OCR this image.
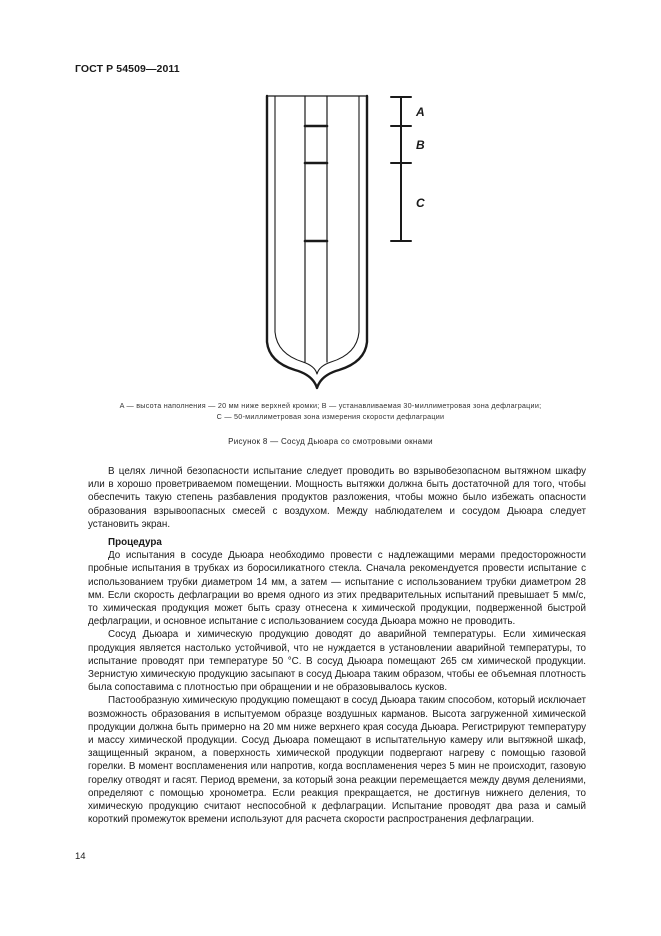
ГОСТ Р 54509—2011
A
B
C
A — высота наполнения — 20 мм ниже верхней кромки; B — устанавливаемая 30-миллиметровая зона дефлаграции;
C — 50-миллиметровая зона измерения скорости дефлаграции
Рисунок 8 — Сосуд Дьюара со смотровыми окнами

В целях личной безопасности испытание следует проводить во взрывобезопасном вытяжном шкафу или в хорошо проветриваемом помещении. Мощность вытяжки должна быть достаточной для того, чтобы обеспечить такую степень разбавления продуктов разложения, чтобы можно было избежать опасности образования взрывоопасных смесей с воздухом. Между наблюдателем и сосудом Дьюара следует установить экран.

Процедура

До испытания в сосуде Дьюара необходимо провести с надлежащими мерами предосторожности пробные испытания в трубках из боросиликатного стекла. Сначала рекомендуется провести испытание с использованием трубки диаметром 14 мм, а затем — испытание с использованием трубки диаметром 28 мм. Если скорость дефлаграции во время одного из этих предварительных испытаний превышает 5 мм/с, то химическая продукция может быть сразу отнесена к химической продукции, подверженной быстрой дефлаграции, и основное испытание с использованием сосуда Дьюара можно не проводить.

Сосуд Дьюара и химическую продукцию доводят до аварийной температуры. Если химическая продукция является настолько устойчивой, что не нуждается в установлении аварийной температуры, то испытание проводят при температуре 50 °С. В сосуд Дьюара помещают 265 см химической продукции. Зернистую химическую продукцию засыпают в сосуд Дьюара таким образом, чтобы ее объемная плотность была сопоставима с плотностью при обращении и не образовывалось кусков.

Пастообразную химическую продукцию помещают в сосуд Дьюара таким способом, который исключает возможность образования в испытуемом образце воздушных карманов. Высота загруженной химической продукции должна быть примерно на 20 мм ниже верхнего края сосуда Дьюара. Регистрируют температуру и массу химической продукции. Сосуд Дьюара помещают в испытательную камеру или вытяжной шкаф, защищенный экраном, а поверхность химической продукции подвергают нагреву с помощью газовой горелки. В момент воспламенения или напротив, когда воспламенения через 5 мин не происходит, газовую горелку отводят и гасят. Период времени, за который зона реакции перемещается между двумя делениями, определяют с помощью хронометра. Если реакция прекращается, не достигнув нижнего деления, то химическую продукцию считают неспособной к дефлаграции. Испытание проводят два раза и самый короткий промежуток времени используют для расчета скорости распространения дефлаграции.

14
